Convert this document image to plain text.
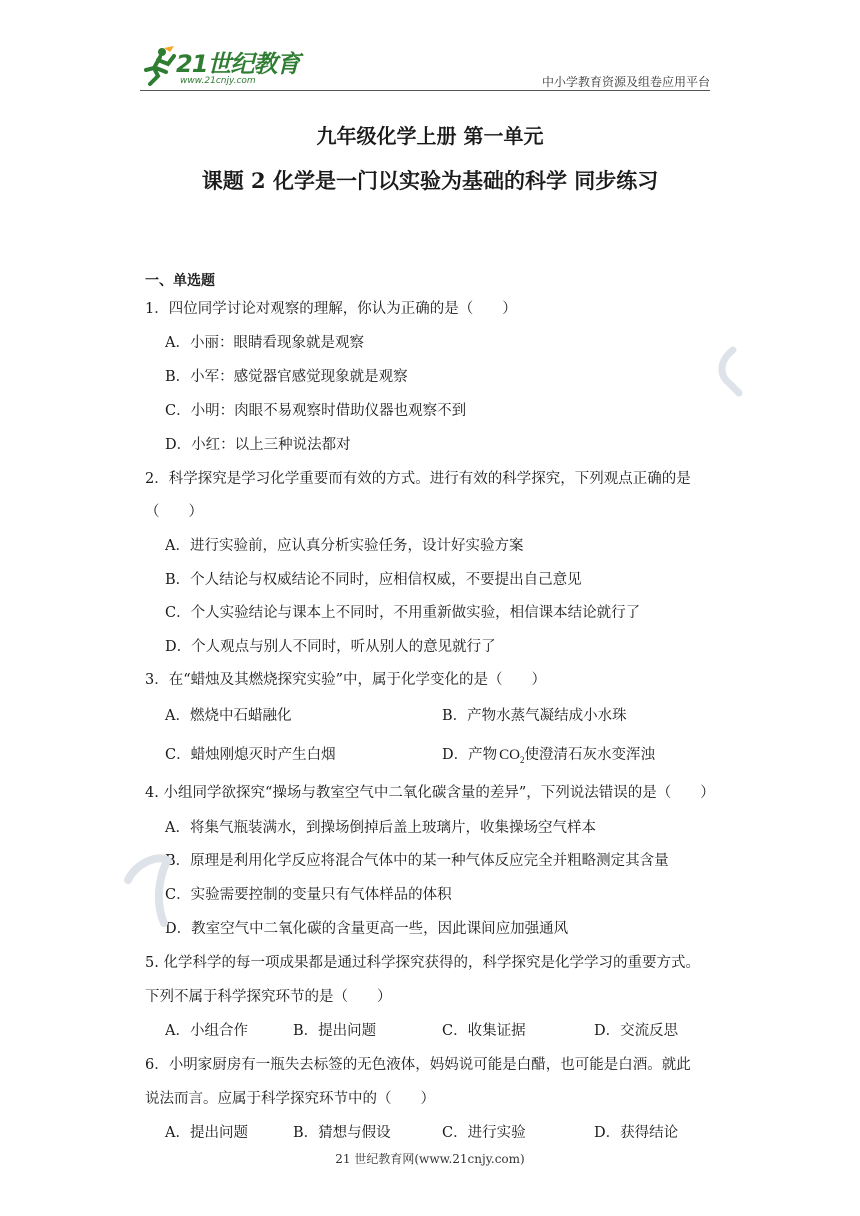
21世纪教育
www.21cnjy.com	中小学教育资源及组卷应用平台
九年级化学上册 第一单元
课题 2 化学是一门以实验为基础的科学 同步练习
一、单选题
1．四位同学讨论对观察的理解，你认为正确的是（　　）
A．小丽：眼睛看现象就是观察
B．小军：感觉器官感觉现象就是观察
C．小明：肉眼不易观察时借助仪器也观察不到
D．小红：以上三种说法都对
2．科学探究是学习化学重要而有效的方式。进行有效的科学探究，下列观点正确的是
（　　）
A．进行实验前，应认真分析实验任务，设计好实验方案
B．个人结论与权威结论不同时，应相信权威，不要提出自己意见
C．个人实验结论与课本上不同时，不用重新做实验，相信课本结论就行了
D．个人观点与别人不同时，听从别人的意见就行了
3．在“蜡烛及其燃烧探究实验”中，属于化学变化的是（　　）
A．燃烧中石蜡融化	B．产物水蒸气凝结成小水珠
C．蜡烛刚熄灭时产生白烟	D．产物 $CO_2$使澄清石灰水变浑浊
4. 小组同学欲探究“操场与教室空气中二氧化碳含量的差异”，下列说法错误的是（　　）
A．将集气瓶装满水，到操场倒掉后盖上玻璃片，收集操场空气样本
B．原理是利用化学反应将混合气体中的某一种气体反应完全并粗略测定其含量
C．实验需要控制的变量只有气体样品的体积
D．教室空气中二氧化碳的含量更高一些，因此课间应加强通风
5. 化学科学的每一项成果都是通过科学探究获得的，科学探究是化学学习的重要方式。
下列不属于科学探究环节的是（　　）
A．小组合作	B．提出问题	C．收集证据	D．交流反思
6．小明家厨房有一瓶失去标签的无色液体，妈妈说可能是白醋，也可能是白酒。就此
说法而言。应属于科学探究环节中的（　　）
A．提出问题	B．猜想与假设	C．进行实验	D．获得结论
21 世纪教育网(www.21cnjy.com)
